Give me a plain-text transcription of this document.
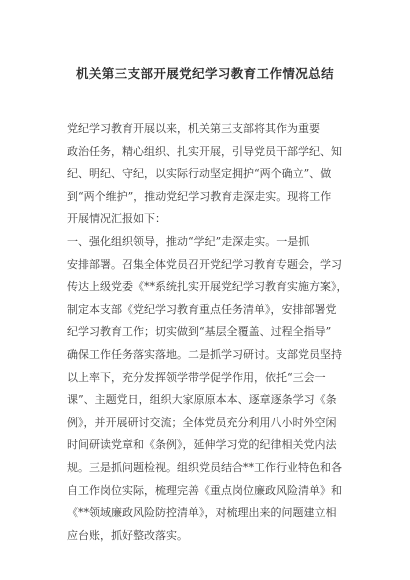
机关第三支部开展党纪学习教育工作情况总结
党纪学习教育开展以来，机关第三支部将其作为重要
政治任务，精心组织、扎实开展，引导党员干部学纪、知
纪、明纪、守纪，以实际行动坚定拥护“两个确立”、做
到“两个维护”，推动党纪学习教育走深走实。现将工作
开展情况汇报如下：
一、强化组织领导，推动“学纪”走深走实。一是抓
安排部署。召集全体党员召开党纪学习教育专题会，学习
传达上级党委《**系统扎实开展党纪学习教育实施方案》，
制定本支部《党纪学习教育重点任务清单》，安排部署党
纪学习教育工作；切实做到“基层全覆盖、过程全指导”
确保工作任务落实落地。二是抓学习研讨。支部党员坚持
以上率下，充分发挥领学带学促学作用，依托“三会一
课”、主题党日，组织大家原原本本、逐章逐条学习《条
例》，并开展研讨交流；全体党员充分利用八小时外空闲
时间研读党章和《条例》，延伸学习党的纪律相关党内法
规。三是抓问题检视。组织党员结合**工作行业特色和各
自工作岗位实际，梳理完善《重点岗位廉政风险清单》和
《**领域廉政风险防控清单》，对梳理出来的问题建立相
应台账，抓好整改落实。
